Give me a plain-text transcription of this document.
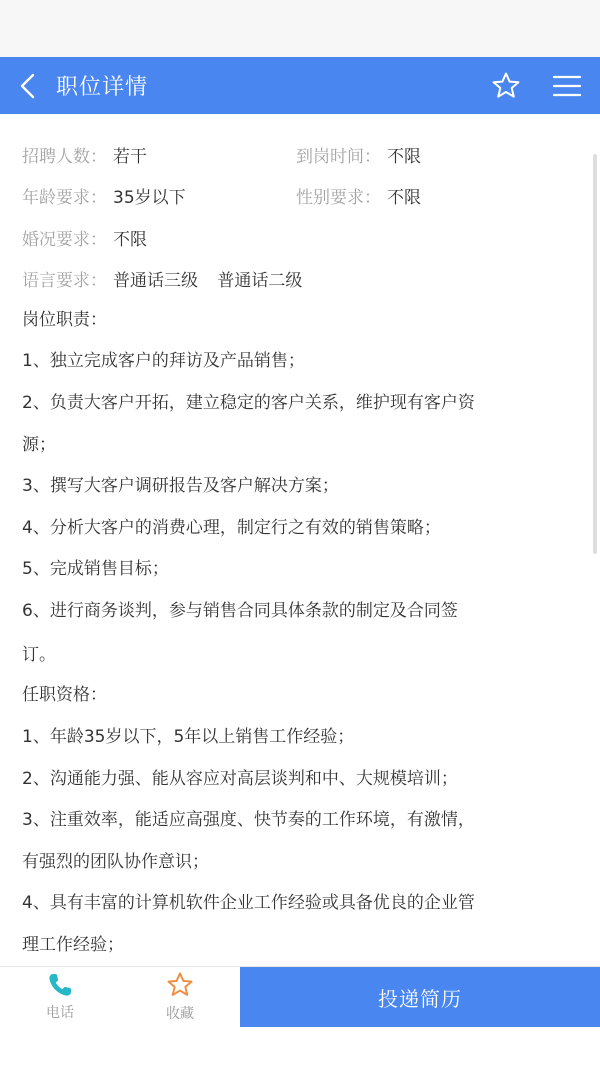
职位详情
招聘人数： 若干	到岗时间： 不限
年龄要求： 35岁以下	性别要求： 不限
婚况要求： 不限
语言要求： 普通话三级 普通话二级
岗位职责：
1、独立完成客户的拜访及产品销售；
2、负责大客户开拓，建立稳定的客户关系，维护现有客户资
源；
3、撰写大客户调研报告及客户解决方案；
4、分析大客户的消费心理，制定行之有效的销售策略；
5、完成销售目标；
6、进行商务谈判，参与销售合同具体条款的制定及合同签
订。
任职资格：
1、年龄35岁以下，5年以上销售工作经验；
2、沟通能力强、能从容应对高层谈判和中、大规模培训；
3、注重效率，能适应高强度、快节奏的工作环境，有激情，
有强烈的团队协作意识；
4、具有丰富的计算机软件企业工作经验或具备优良的企业管
理工作经验；
电话	收藏
投递简历
